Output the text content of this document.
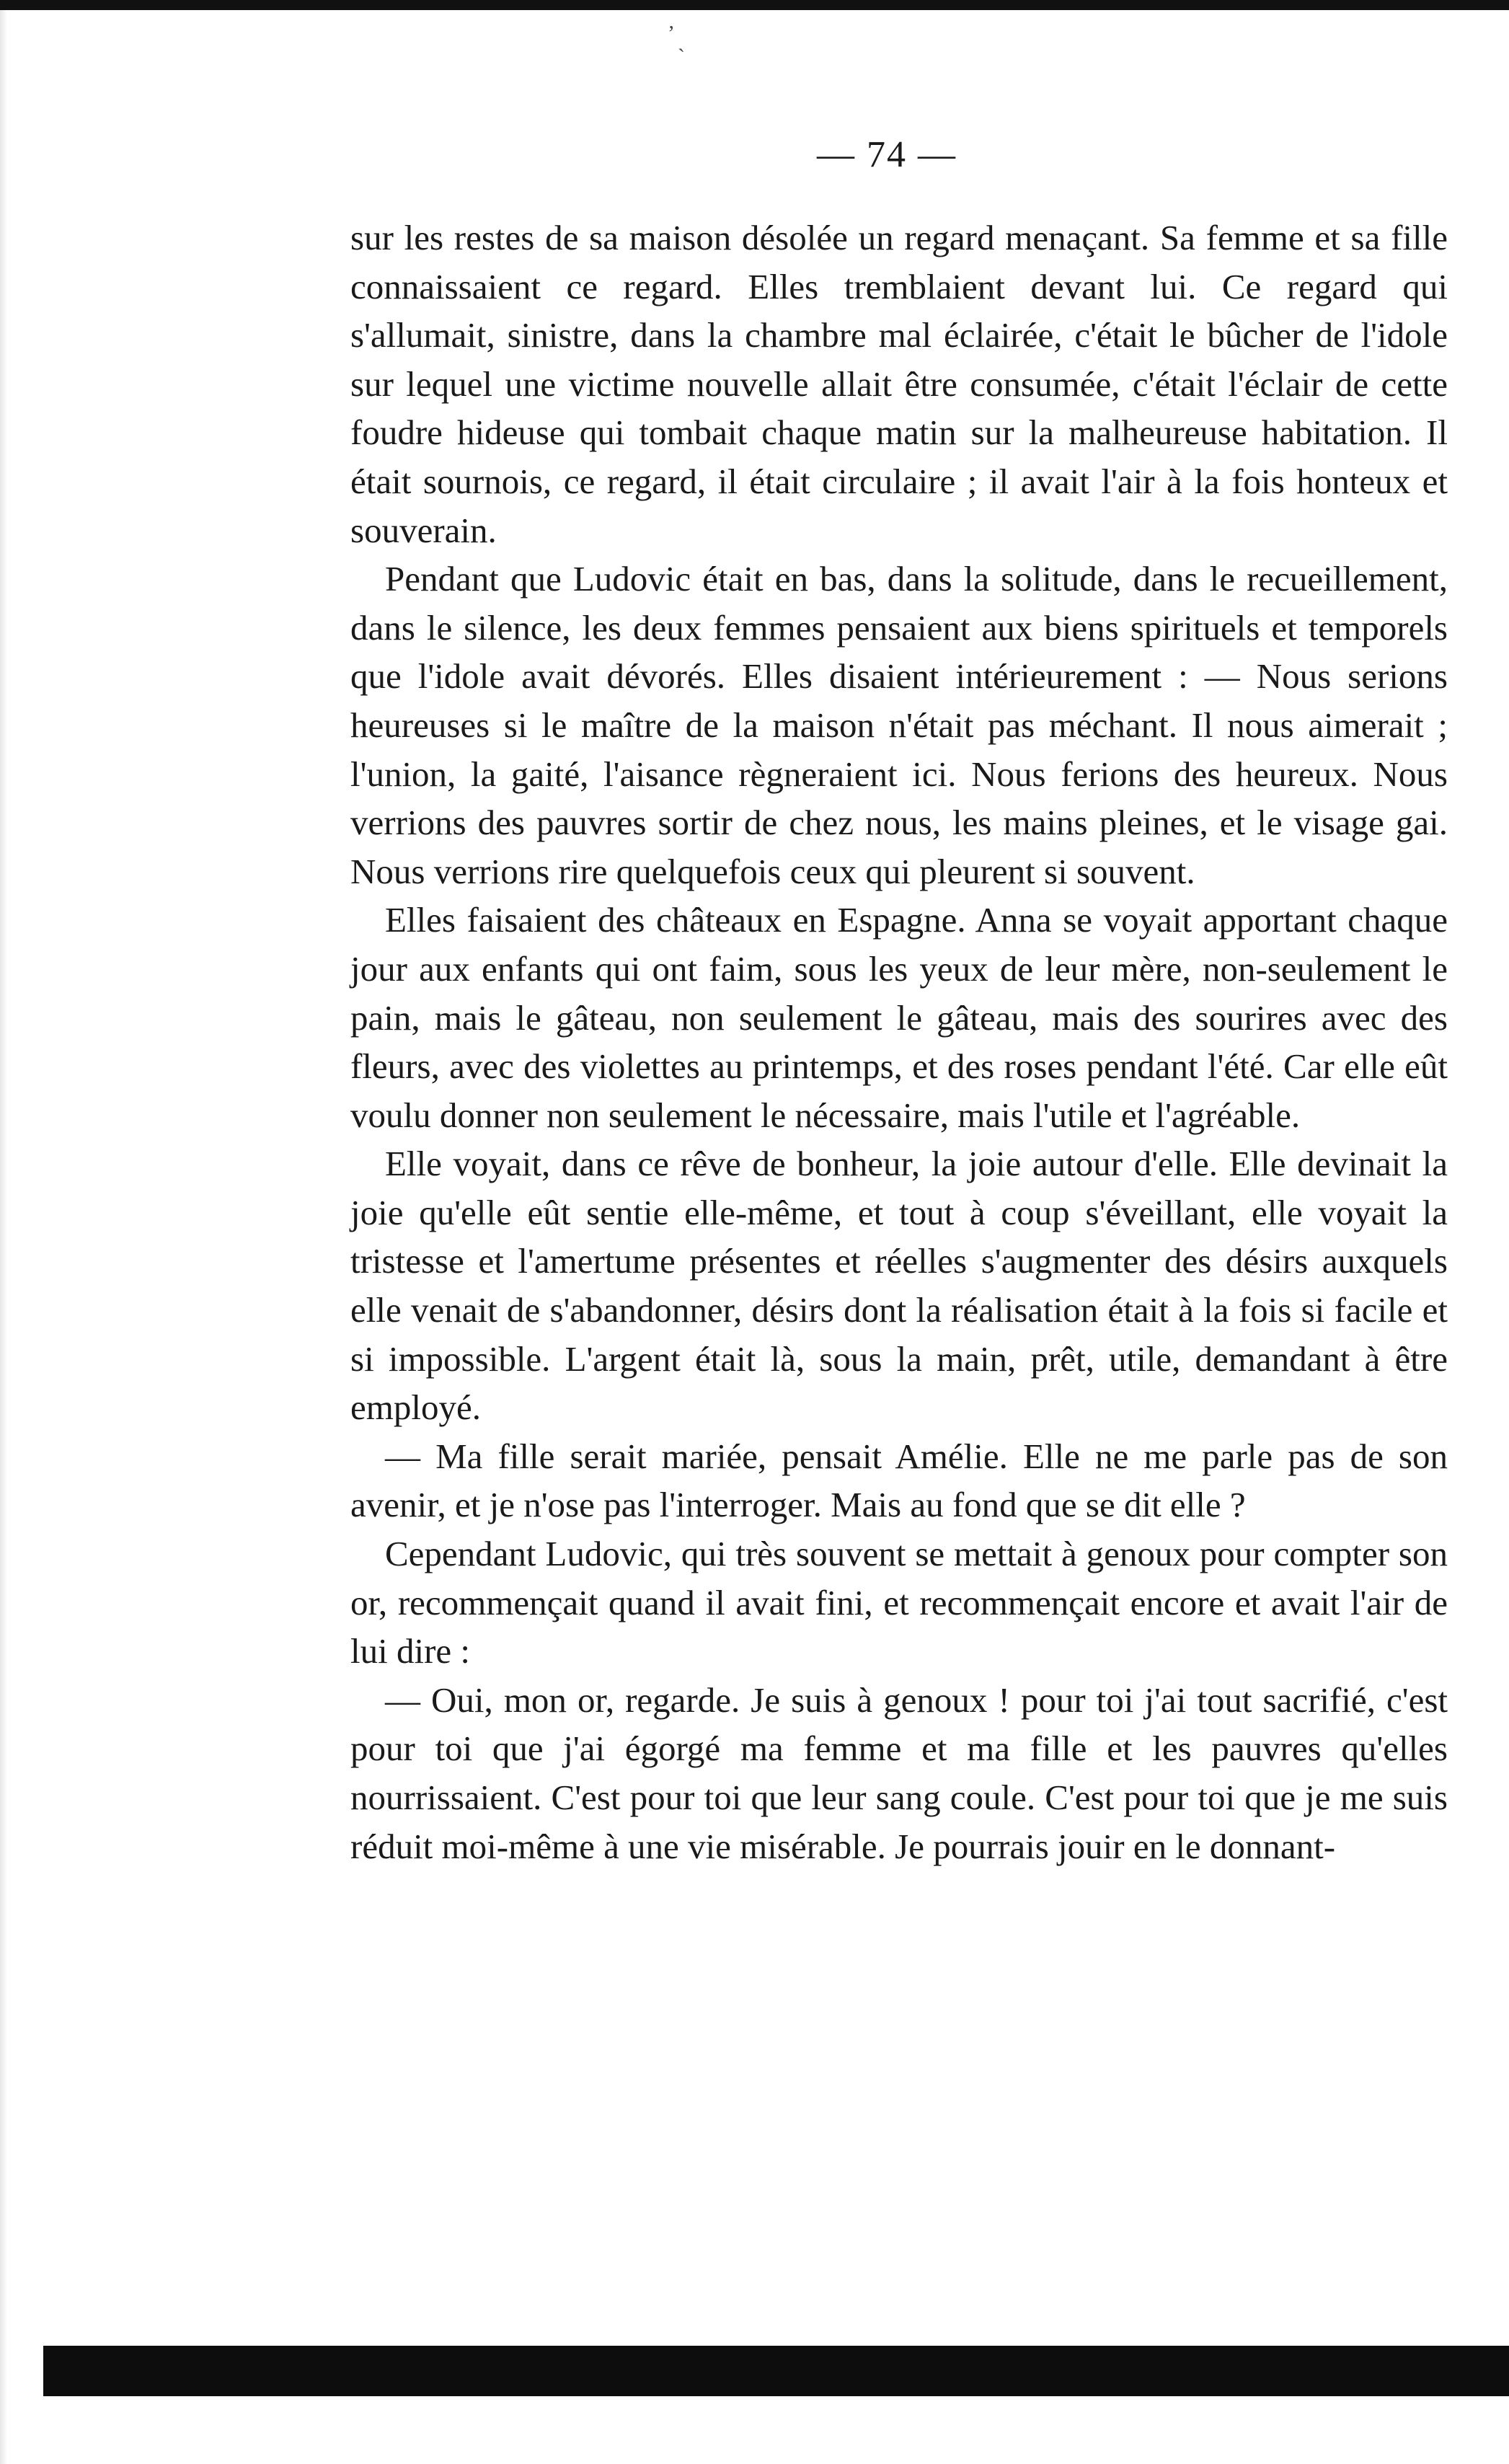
ʼ
ˋ
— 74 —

sur les restes de sa maison désolée un regard menaçant. Sa femme et sa fille connaissaient ce regard. Elles tremblaient devant lui. Ce regard qui s'allumait, sinistre, dans la chambre mal éclairée, c'était le bûcher de l'idole sur lequel une victime nouvelle allait être consumée, c'était l'éclair de cette foudre hideuse qui tombait chaque matin sur la malheureuse habitation. Il était sournois, ce regard, il était circulaire ; il avait l'air à la fois honteux et souverain.

Pendant que Ludovic était en bas, dans la solitude, dans le recueillement, dans le silence, les deux femmes pensaient aux biens spirituels et temporels que l'idole avait dévorés. Elles disaient intérieurement : — Nous serions heureuses si le maître de la maison n'était pas méchant. Il nous aimerait ; l'union, la gaité, l'aisance règneraient ici. Nous ferions des heureux. Nous verrions des pauvres sortir de chez nous, les mains pleines, et le visage gai. Nous verrions rire quelquefois ceux qui pleurent si souvent.

Elles faisaient des châteaux en Espagne. Anna se voyait apportant chaque jour aux enfants qui ont faim, sous les yeux de leur mère, non-seulement le pain, mais le gâteau, non seulement le gâteau, mais des sourires avec des fleurs, avec des violettes au printemps, et des roses pendant l'été. Car elle eût voulu donner non seulement le nécessaire, mais l'utile et l'agréable.

Elle voyait, dans ce rêve de bonheur, la joie autour d'elle. Elle devinait la joie qu'elle eût sentie elle-même, et tout à coup s'éveillant, elle voyait la tristesse et l'amertume présentes et réelles s'augmenter des désirs auxquels elle venait de s'abandonner, désirs dont la réalisation était à la fois si facile et si impossible. L'argent était là, sous la main, prêt, utile, demandant à être employé.

— Ma fille serait mariée, pensait Amélie. Elle ne me parle pas de son avenir, et je n'ose pas l'interroger. Mais au fond que se dit elle ?

Cependant Ludovic, qui très souvent se mettait à genoux pour compter son or, recommençait quand il avait fini, et recommençait encore et avait l'air de lui dire :

— Oui, mon or, regarde. Je suis à genoux ! pour toi j'ai tout sacrifié, c'est pour toi que j'ai égorgé ma femme et ma fille et les pauvres qu'elles nourrissaient. C'est pour toi que leur sang coule. C'est pour toi que je me suis réduit moi-même à une vie misérable. Je pourrais jouir en le donnant-
